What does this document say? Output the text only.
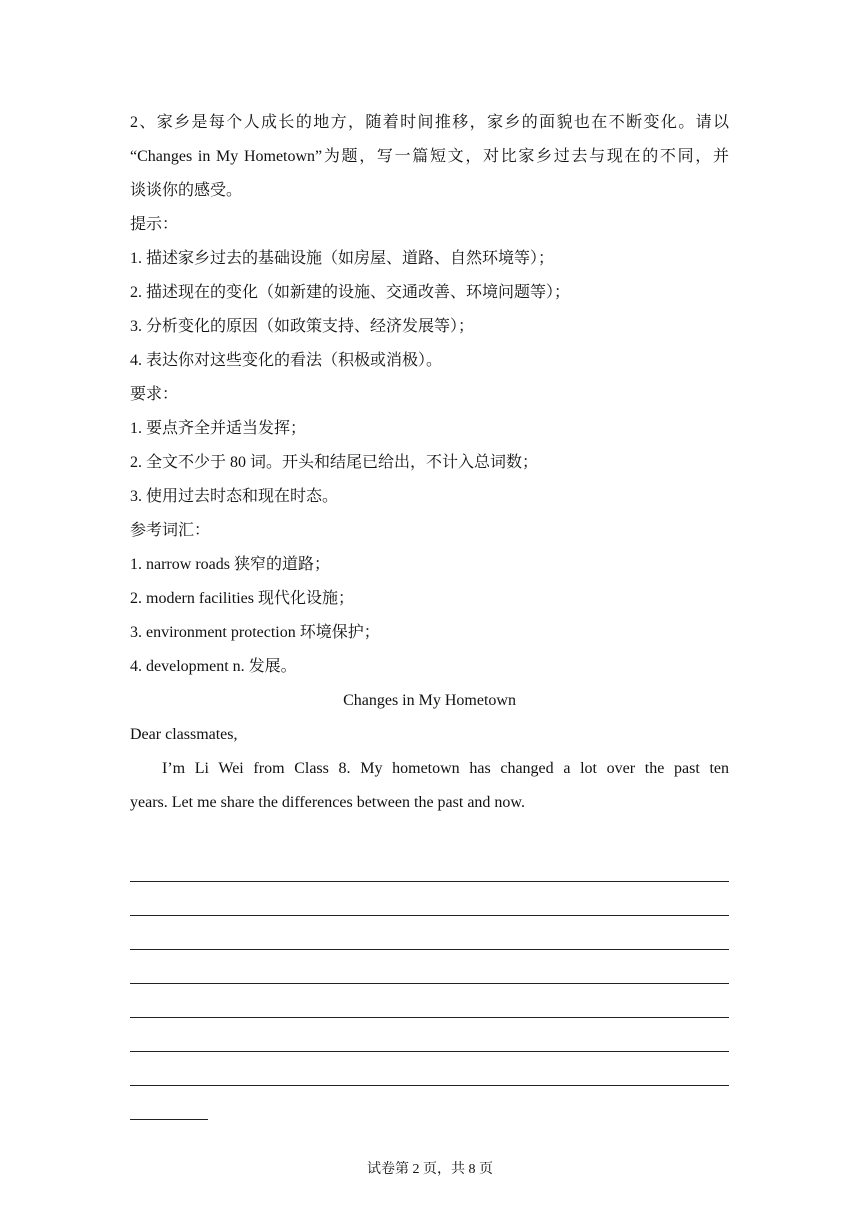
2、家乡是每个人成长的地方，随着时间推移，家乡的面貌也在不断变化。请以
“Changes in My Hometown”为题，写一篇短文，对比家乡过去与现在的不同，并
谈谈你的感受。
提示：
1. 描述家乡过去的基础设施（如房屋、道路、自然环境等）；
2. 描述现在的变化（如新建的设施、交通改善、环境问题等）；
3. 分析变化的原因（如政策支持、经济发展等）；
4. 表达你对这些变化的看法（积极或消极）。
要求：
1. 要点齐全并适当发挥；
2. 全文不少于 80 词。开头和结尾已给出，不计入总词数；
3. 使用过去时态和现在时态。
参考词汇：
1. narrow roads 狭窄的道路；
2. modern facilities 现代化设施；
3. environment protection 环境保护；
4. development n. 发展。
Changes in My Hometown
Dear classmates,
I’m Li Wei from Class 8. My hometown has changed a lot over the past ten
years. Let me share the differences between the past and now.
试卷第 2 页，共 8 页
